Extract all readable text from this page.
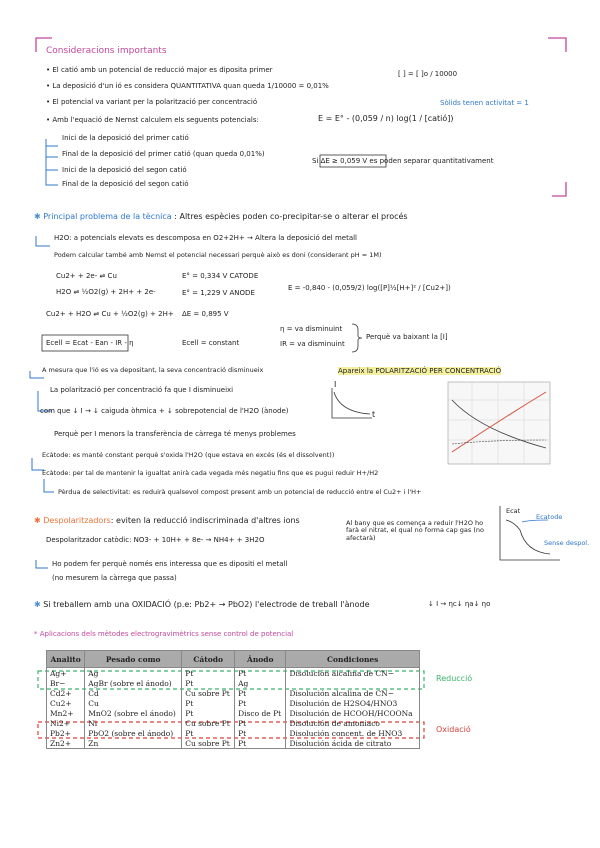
Consideracions importants
• El catió amb un potencial de reducció major es diposita primer
• La deposició d'un ió es considera QUANTITATIVA quan queda 1/10000 = 0,01%
[ ] = [ ]o / 10000
• El potencial va variant per la polarització per concentració	Sòlids tenen activitat = 1
• Amb l'equació de Nernst calculem els seguents potencials:	E = E° - (0,059 / n) log(1 / [catió])
Inici de la deposició del primer catió
Final de la deposició del primer catió (quan queda 0,01%)
Inici de la deposició del segon catió
Final de la deposició del segon catió
Si ΔE ≥ 0,059 V es poden separar quantitativament
✱ Principal problema de la tècnica : Altres espècies poden co-precipitar-se o alterar el procés
H2O: a potencials elevats es descomposa en O2+2H+ → Altera la deposició del metall
Podem calcular també amb Nernst el potencial necessari perquè això es doni (considerant pH = 1M)
Cu2+ + 2e- ⇌ Cu
H2O ⇌ ½O2(g) + 2H+ + 2e-
Cu2+ + H2O ⇌ Cu + ½O2(g) + 2H+
E° = 0,334 V CATODE
E° = 1,229 V ANODE
ΔE = 0,895 V
E = -0,840 - (0,059/2) log([P]½[H+]² / [Cu2+])
Ecell = Ecat - Ean - IR - η	Ecell = constant
η = va disminuint
IR = va disminuint
Perquè va baixant la [I]
A mesura que l'ió es va depositant, la seva concentració disminueix	Apareix la POLARITZACIÓ PER CONCENTRACIÓ
La polarització per concentració fa que I disminueixi
com que ↓ I → ↓ caiguda òhmica + ↓ sobrepotencial de l'H2O (ànode)
Perquè per I menors la transferència de càrrega té menys problemes
I
t
Ecàtode: es manté constant perquè s'oxida l'H2O (que estava en excés (és el dissolvent))
Ecàtode: per tal de mantenir la igualtat anirà cada vegada més negatiu fins que es pugui reduir H+/H2
Pèrdua de selectivitat: es reduirà qualsevol compost present amb un potencial de reducció entre el Cu2+ i l'H+
✱ Despolaritzadors: eviten la reducció indiscriminada d'altres ions
Despolaritzador catòdic: NO3- + 10H+ + 8e- → NH4+ + 3H2O
Al bany que es comença a reduir l'H2O ho farà el nitrat, el qual no forma cap gas (no afectarà)
Ho podem fer perquè només ens interessa que es dipositi el metall
(no mesurem la càrrega que passa)
Ecat
Ecatode
Sense despol.
✱ Si treballem amb una OXIDACIÓ (p.e: Pb2+ → PbO2) l'electrode de treball l'ànode	↓ I → ηc↓ ηa↓ ηo
* Aplicacions dels mètodes electrogravimètrics sense control de potencial
Analito	Pesado como	Cátodo	Ánodo	Condiciones
Ag+	Ag	Pt	Pt	Disolución alcalina de CN−
Br−	AgBr (sobre el ánodo)	Pt	Ag	
Cd2+	Cd	Cu sobre Pt	Pt	Disolución alcalina de CN−
Cu2+	Cu	Pt	Pt	Disolución de H2SO4/HNO3
Mn2+	MnO2 (sobre el ánodo)	Pt	Disco de Pt	Disolución de HCOOH/HCOONa
Ni2+	Ni	Cu sobre Pt	Pt	Disolución de amoniaco
Pb2+	PbO2 (sobre el ánodo)	Pt	Pt	Disolución concent. de HNO3
Zn2+	Zn	Cu sobre Pt	Pt	Disolución ácida de citrato
Reducció
Oxidació
